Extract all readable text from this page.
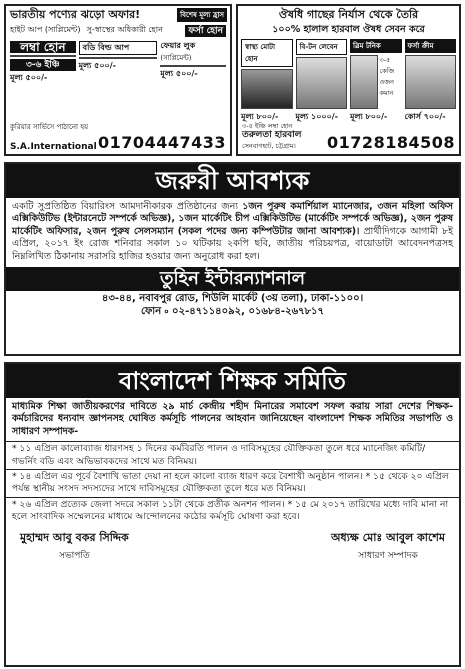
ভারতীয় পণ্যের ঝড়ো অফার!	বিশেষ মূল্য হ্রাস
হাইট আপ (সাপ্লিমেন্ট) সু-স্বাস্থের অধিকারী হোন	ফর্সা হোন
লম্বা হোন
৩-৬ ইঞ্চি
মূল্য ৫০০/-
বডি বিল্ড আপ
মূল্য ৫০০/-
ফেয়ার লুক
(সাপ্লিমেন্ট)
মূল্য ৫০০/-
কুরিয়ার সার্ভিসে পাঠানো হয়
S.A.International 01704447433
ঔষধি গাছের নির্যাস থেকে তৈরি
১০০% হালাল হারবাল ঔষধ সেবন করে
স্বাস্থ্য মোটা হোন
মূল্য ৮০০/-
বি-টন লেবেন
মূল্য ১০০০/-
স্লিম টনিক
৩-৫ কেজি ওজন কমান
মূল্য ৮০০/-
ফর্সা ক্রীম
কোর্স ৭০০/-
৩-৫ ইঞ্চি লম্বা হোন
তরুলতা হারবাল
সেনবাগহাট, চট্টগ্রাম। 01728184508
জরুরী আবশ্যক
একটি সুপ্রতিষ্ঠিত বিয়ারিংস আমদানীকারক প্রতিষ্ঠানের জন্য ১জন পুরুষ কমার্শিয়াল ম্যানেজার, ৩জন মহিলা অফিস এক্সিকিউটিভ (ইন্টারনেটে সম্পর্কে অভিজ্ঞ), ১জন মার্কেটিং চীপ এক্সিকিউটিভ (মার্কেটিং সম্পর্কে অভিজ্ঞ), ২জন পুরুষ মার্কেটিং অফিসার, ২জন পুরুষ সেলসম্যান (সকল পদের জন্য কম্পিউটার জানা আবশ্যক)। প্রার্থীদিগকে আগামী ৮ই এপ্রিল, ২০১৭ ইং রোজ শনিবার সকাল ১০ ঘটিকায় ২কপি ছবি, জাতীয় পরিচয়পত্র, বায়োডাটা আবেদনপত্রসহ নিম্নলিখিত ঠিকানায় সরাসরি হাজির হওয়ার জন্য অনুরোধ করা হল।
তুহিন ইন্টারন্যাশনাল
৪৩-৪৪, নবাবপুর রোড, শিউলি মার্কেট (৩য় তলা), ঢাকা-১১০০।
ফোন ৹ ০২-৪৭১১৪০৯২, ০১৬৮৪-২৬৭৮১৭
বাংলাদেশ শিক্ষক সমিতি
মাধ্যমিক শিক্ষা জাতীয়করণের দাবিতে ২৯ মার্চ কেন্দ্রীয় শহীদ মিনারের সমাবেশ সফল করায় সারা দেশের শিক্ষক-কর্মচারিদের ধন্যবাদ জ্ঞাপনসহ ঘোষিত কর্মসূচি পালনের আহবান জানিয়েছেন বাংলাদেশ শিক্ষক সমিতির সভাপতি ও সাধারণ সম্পাদক-
* ১১ এপ্রিল কালোব্যাজ ধারণসহ ১ দিনের কর্মবিরতি পালন ও দাবিসমূহের যৌক্তিকতা তুলে ধরে ম্যানেজিং কমিটি/ গভর্নিং বডি এবং অভিভাবকদের সাথে মত বিনিময়।
* ১৪ এপ্রিল এর পূর্বে বৈশাখি ভাতা দেয়া না হলে কালো ব্যাজ ধারণ করে বৈশাখী অনুষ্ঠান পালন। * ১৫ থেকে ২০ এপ্রিল পর্যন্ত স্থানীয় সংসদ সদস্যদের সাথে দাবিসমূহের যৌক্তিকতা তুলে ধরে মত বিনিময়।
* ২৬ এপ্রিল প্রত্যেক জেলা সদরে সকাল ১১টা থেকে প্রতীক অনশন পালন। * ১৫ মে ২০১৭ তারিখের মধ্যে দাবি মানা না হলে সাংবাদিক সম্মেলনের মাধ্যমে আন্দোলনের কঠোর কর্মসূচি ঘোষণা করা হবে।
মুহাম্মদ আবু বকর সিদ্দিক
সভাপতি
অধ্যক্ষ মোঃ আবুল কাশেম
সাধারণ সম্পাদক
